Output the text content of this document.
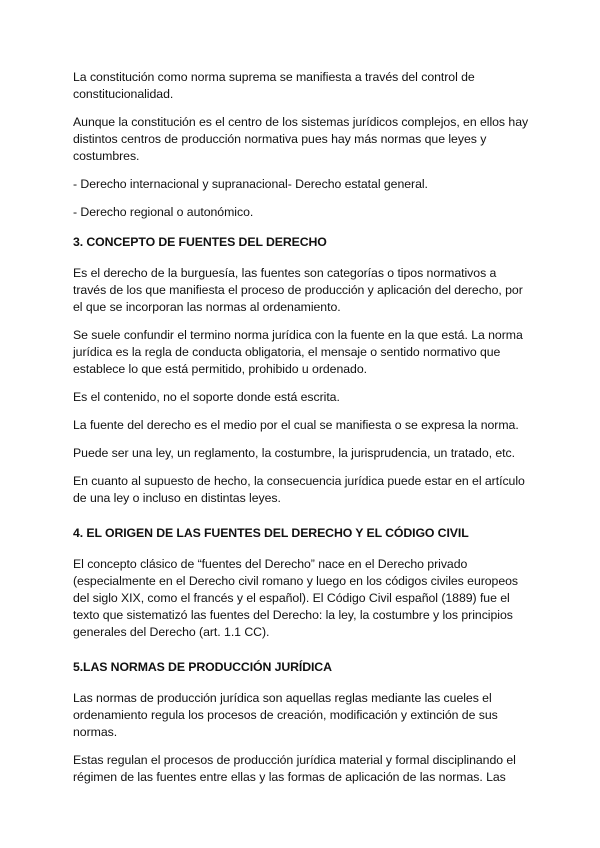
La constitución como norma suprema se manifiesta a través del control de constitucionalidad.

Aunque la constitución es el centro de los sistemas jurídicos complejos, en ellos hay distintos centros de producción normativa pues hay más normas que leyes y costumbres.

- Derecho internacional y supranacional- Derecho estatal general.

- Derecho regional o autonómico.

3. CONCEPTO DE FUENTES DEL DERECHO

Es el derecho de la burguesía, las fuentes son categorías o tipos normativos a través de los que manifiesta el proceso de producción y aplicación del derecho, por el que se incorporan las normas al ordenamiento.

Se suele confundir el termino norma jurídica con la fuente en la que está. La norma jurídica es la regla de conducta obligatoria, el mensaje o sentido normativo que establece lo que está permitido, prohibido u ordenado.

Es el contenido, no el soporte donde está escrita.

La fuente del derecho es el medio por el cual se manifiesta o se expresa la norma.

Puede ser una ley, un reglamento, la costumbre, la jurisprudencia, un tratado, etc.

En cuanto al supuesto de hecho, la consecuencia jurídica puede estar en el artículo de una ley o incluso en distintas leyes.

4. EL ORIGEN DE LAS FUENTES DEL DERECHO Y EL CÓDIGO CIVIL

El concepto clásico de “fuentes del Derecho” nace en el Derecho privado (especialmente en el Derecho civil romano y luego en los códigos civiles europeos del siglo XIX, como el francés y el español). El Código Civil español (1889) fue el texto que sistematizó las fuentes del Derecho: la ley, la costumbre y los principios generales del Derecho (art. 1.1 CC).

5.LAS NORMAS DE PRODUCCIÓN JURÍDICA

Las normas de producción jurídica son aquellas reglas mediante las cueles el ordenamiento regula los procesos de creación, modificación y extinción de sus normas.

Estas regulan el procesos de producción jurídica material y formal disciplinando el régimen de las fuentes entre ellas y las formas de aplicación de las normas. Las
